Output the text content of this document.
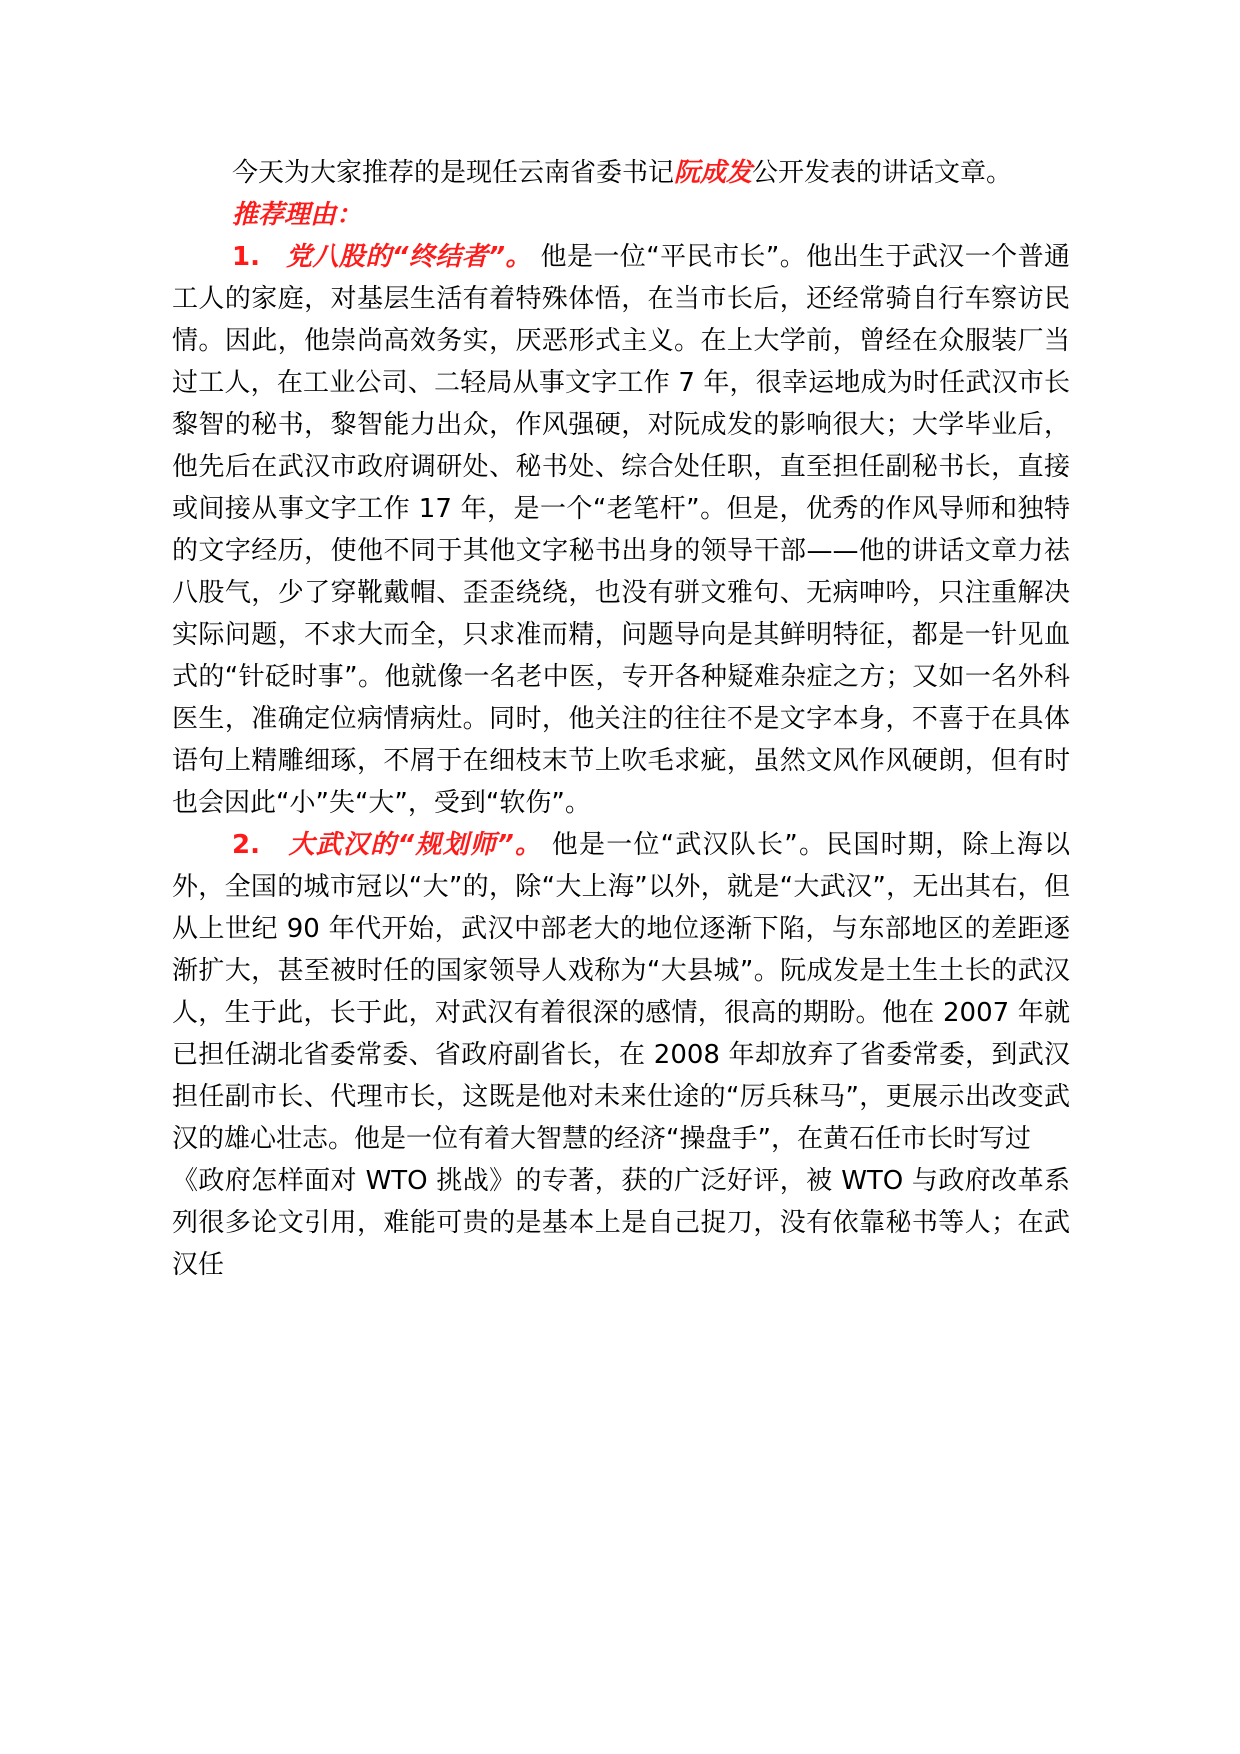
今天为大家推荐的是现任云南省委书记阮成发公开发表的讲话文章。

推荐理由：

1. 党八股的“终结者”。 他是一位“平民市长”。他出生于武汉一个普通工人的家庭，对基层生活有着特殊体悟，在当市长后，还经常骑自行车察访民情。因此，他崇尚高效务实，厌恶形式主义。在上大学前，曾经在众服装厂当过工人，在工业公司、二轻局从事文字工作 7 年，很幸运地成为时任武汉市长黎智的秘书，黎智能力出众，作风强硬，对阮成发的影响很大；大学毕业后，他先后在武汉市政府调研处、秘书处、综合处任职，直至担任副秘书长，直接或间接从事文字工作 17 年，是一个“老笔杆”。但是，优秀的作风导师和独特的文字经历，使他不同于其他文字秘书出身的领导干部——他的讲话文章力祛八股气，少了穿靴戴帽、歪歪绕绕，也没有骈文雅句、无病呻吟，只注重解决实际问题，不求大而全，只求准而精，问题导向是其鲜明特征，都是一针见血式的“针砭时事”。他就像一名老中医，专开各种疑难杂症之方；又如一名外科医生，准确定位病情病灶。同时，他关注的往往不是文字本身，不喜于在具体语句上精雕细琢，不屑于在细枝末节上吹毛求疵，虽然文风作风硬朗，但有时也会因此“小”失“大”，受到“软伤”。

2. 大武汉的“规划师”。 他是一位“武汉队长”。民国时期，除上海以外，全国的城市冠以“大”的，除“大上海”以外，就是“大武汉”，无出其右，但从上世纪 90 年代开始，武汉中部老大的地位逐渐下陷，与东部地区的差距逐渐扩大，甚至被时任的国家领导人戏称为“大县城”。阮成发是土生土长的武汉人，生于此，长于此，对武汉有着很深的感情，很高的期盼。他在 2007 年就已担任湖北省委常委、省政府副省长，在 2008 年却放弃了省委常委，到武汉担任副市长、代理市长，这既是他对未来仕途的“厉兵秣马”，更展示出改变武汉的雄心壮志。他是一位有着大智慧的经济“操盘手”，在黄石任市长时写过

《政府怎样面对 WTO 挑战》的专著，获的广泛好评，被 WTO 与政府改革系列很多论文引用，难能可贵的是基本上是自己捉刀，没有依靠秘书等人；在武汉任
